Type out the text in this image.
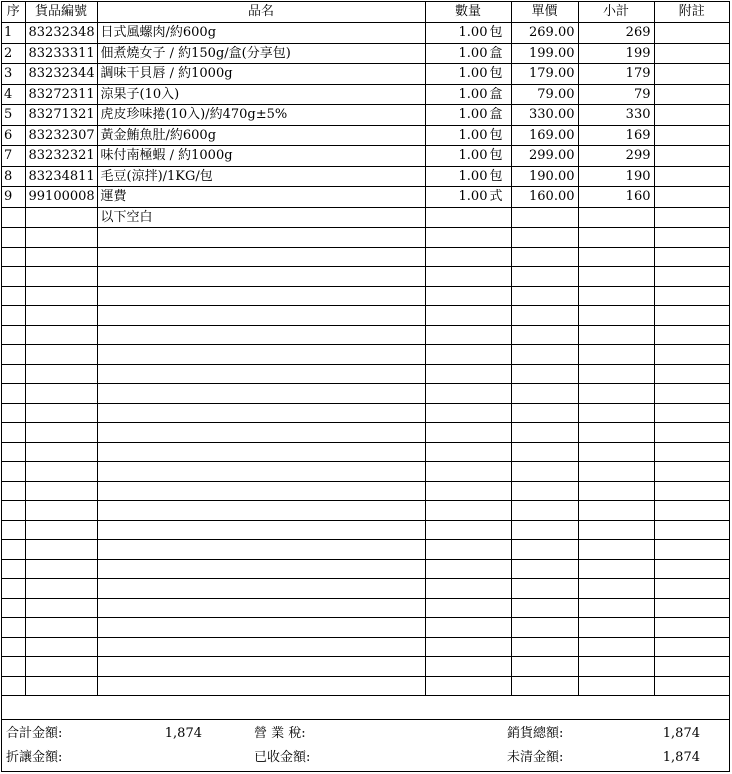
序	貨品編號	品名	數量	單價	小計	附註
1	83232348	日式風螺肉/約600g	1.00 包	269.00	269	
2	83233311	佃煮燒女子 / 約150g/盒(分享包)	1.00 盒	199.00	199	
3	83232344	調味干貝唇 / 約1000g	1.00 包	179.00	179	
4	83272311	涼果子(10入)	1.00 盒	79.00	79	
5	83271321	虎皮珍味捲(10入)/約470g±5%	1.00 盒	330.00	330	
6	83232307	黃金鮪魚肚/約600g	1.00 包	169.00	169	
7	83232321	味付南極蝦 / 約1000g	1.00 包	299.00	299	
8	83234811	毛豆(涼拌)/1KG/包	1.00 包	190.00	190	
9	99100008	運費	1.00 式	160.00	160	
		以下空白				

合計金額:	1,874	營 業 稅:	銷貨總額:	1,874
折讓金額:	已收金額:	未清金額:	1,874
